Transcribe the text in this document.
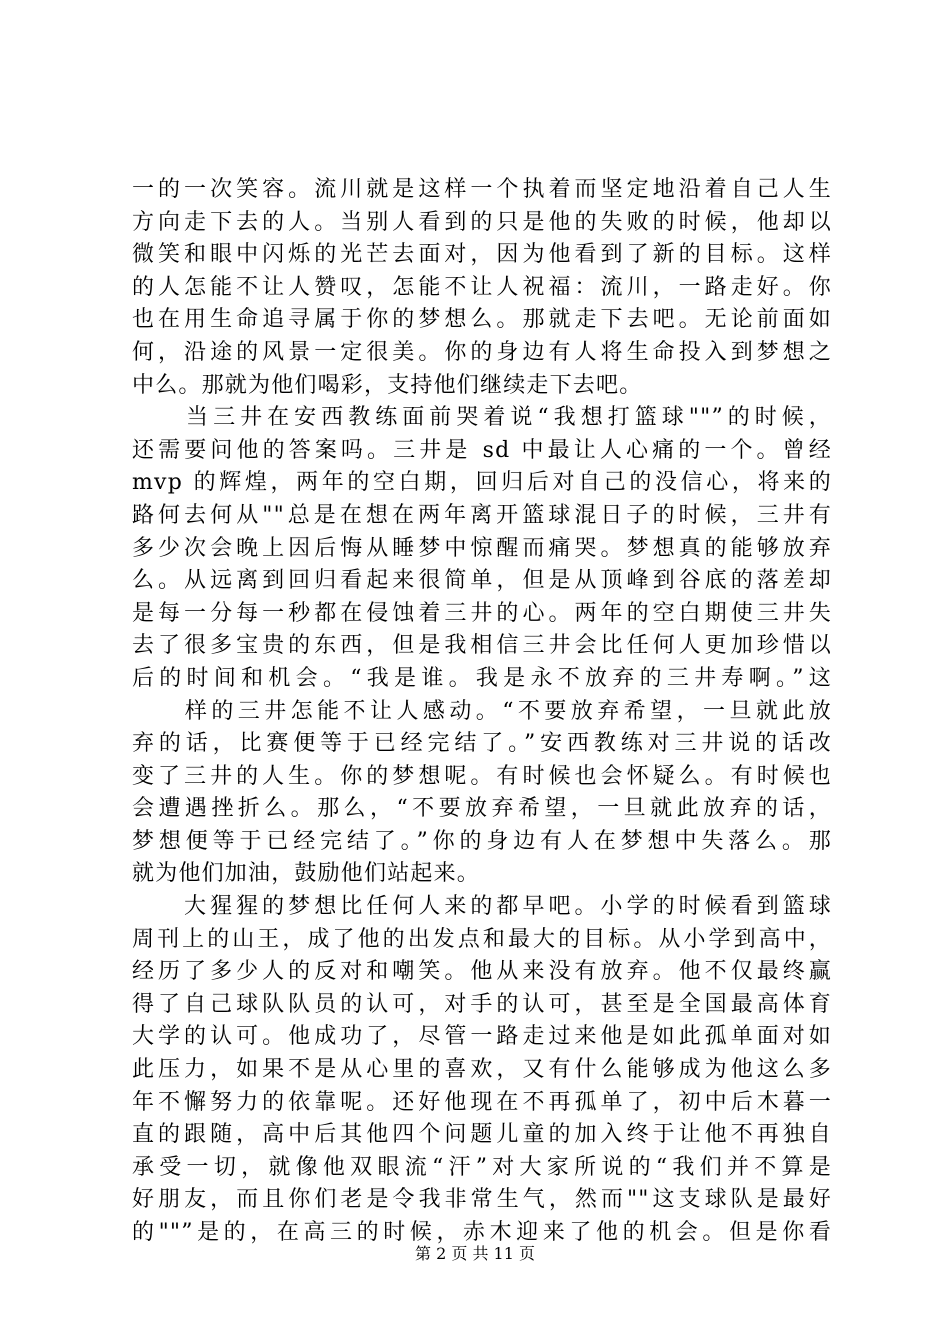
一的一次笑容。流川就是这样一个执着而坚定地沿着自己人生
方向走下去的人。当别人看到的只是他的失败的时候，他却以
微笑和眼中闪烁的光芒去面对，因为他看到了新的目标。这样
的人怎能不让人赞叹，怎能不让人祝福：流川，一路走好。你
也在用生命追寻属于你的梦想么。那就走下去吧。无论前面如
何，沿途的风景一定很美。你的身边有人将生命投入到梦想之
中么。那就为他们喝彩，支持他们继续走下去吧。
　　当三井在安西教练面前哭着说“我想打篮球""”的时候，
还需要问他的答案吗。三井是 sd 中最让人心痛的一个。曾经
mvp 的辉煌，两年的空白期，回归后对自己的没信心，将来的
路何去何从""总是在想在两年离开篮球混日子的时候，三井有
多少次会晚上因后悔从睡梦中惊醒而痛哭。梦想真的能够放弃
么。从远离到回归看起来很简单，但是从顶峰到谷底的落差却
是每一分每一秒都在侵蚀着三井的心。两年的空白期使三井失
去了很多宝贵的东西，但是我相信三井会比任何人更加珍惜以
后的时间和机会。“我是谁。我是永不放弃的三井寿啊。”这
　　样的三井怎能不让人感动。“不要放弃希望，一旦就此放
弃的话，比赛便等于已经完结了。”安西教练对三井说的话改
变了三井的人生。你的梦想呢。有时候也会怀疑么。有时候也
会遭遇挫折么。那么，“不要放弃希望，一旦就此放弃的话，
梦想便等于已经完结了。”你的身边有人在梦想中失落么。那
就为他们加油，鼓励他们站起来。
　　大猩猩的梦想比任何人来的都早吧。小学的时候看到篮球
周刊上的山王，成了他的出发点和最大的目标。从小学到高中，
经历了多少人的反对和嘲笑。他从来没有放弃。他不仅最终赢
得了自己球队队员的认可，对手的认可，甚至是全国最高体育
大学的认可。他成功了，尽管一路走过来他是如此孤单面对如
此压力，如果不是从心里的喜欢，又有什么能够成为他这么多
年不懈努力的依靠呢。还好他现在不再孤单了，初中后木暮一
直的跟随，高中后其他四个问题儿童的加入终于让他不再独自
承受一切，就像他双眼流“汗”对大家所说的“我们并不算是
好朋友，而且你们老是令我非常生气，然而""这支球队是最好
的""”是的，在高三的时候，赤木迎来了他的机会。但是你看
第 2 页 共 11 页
